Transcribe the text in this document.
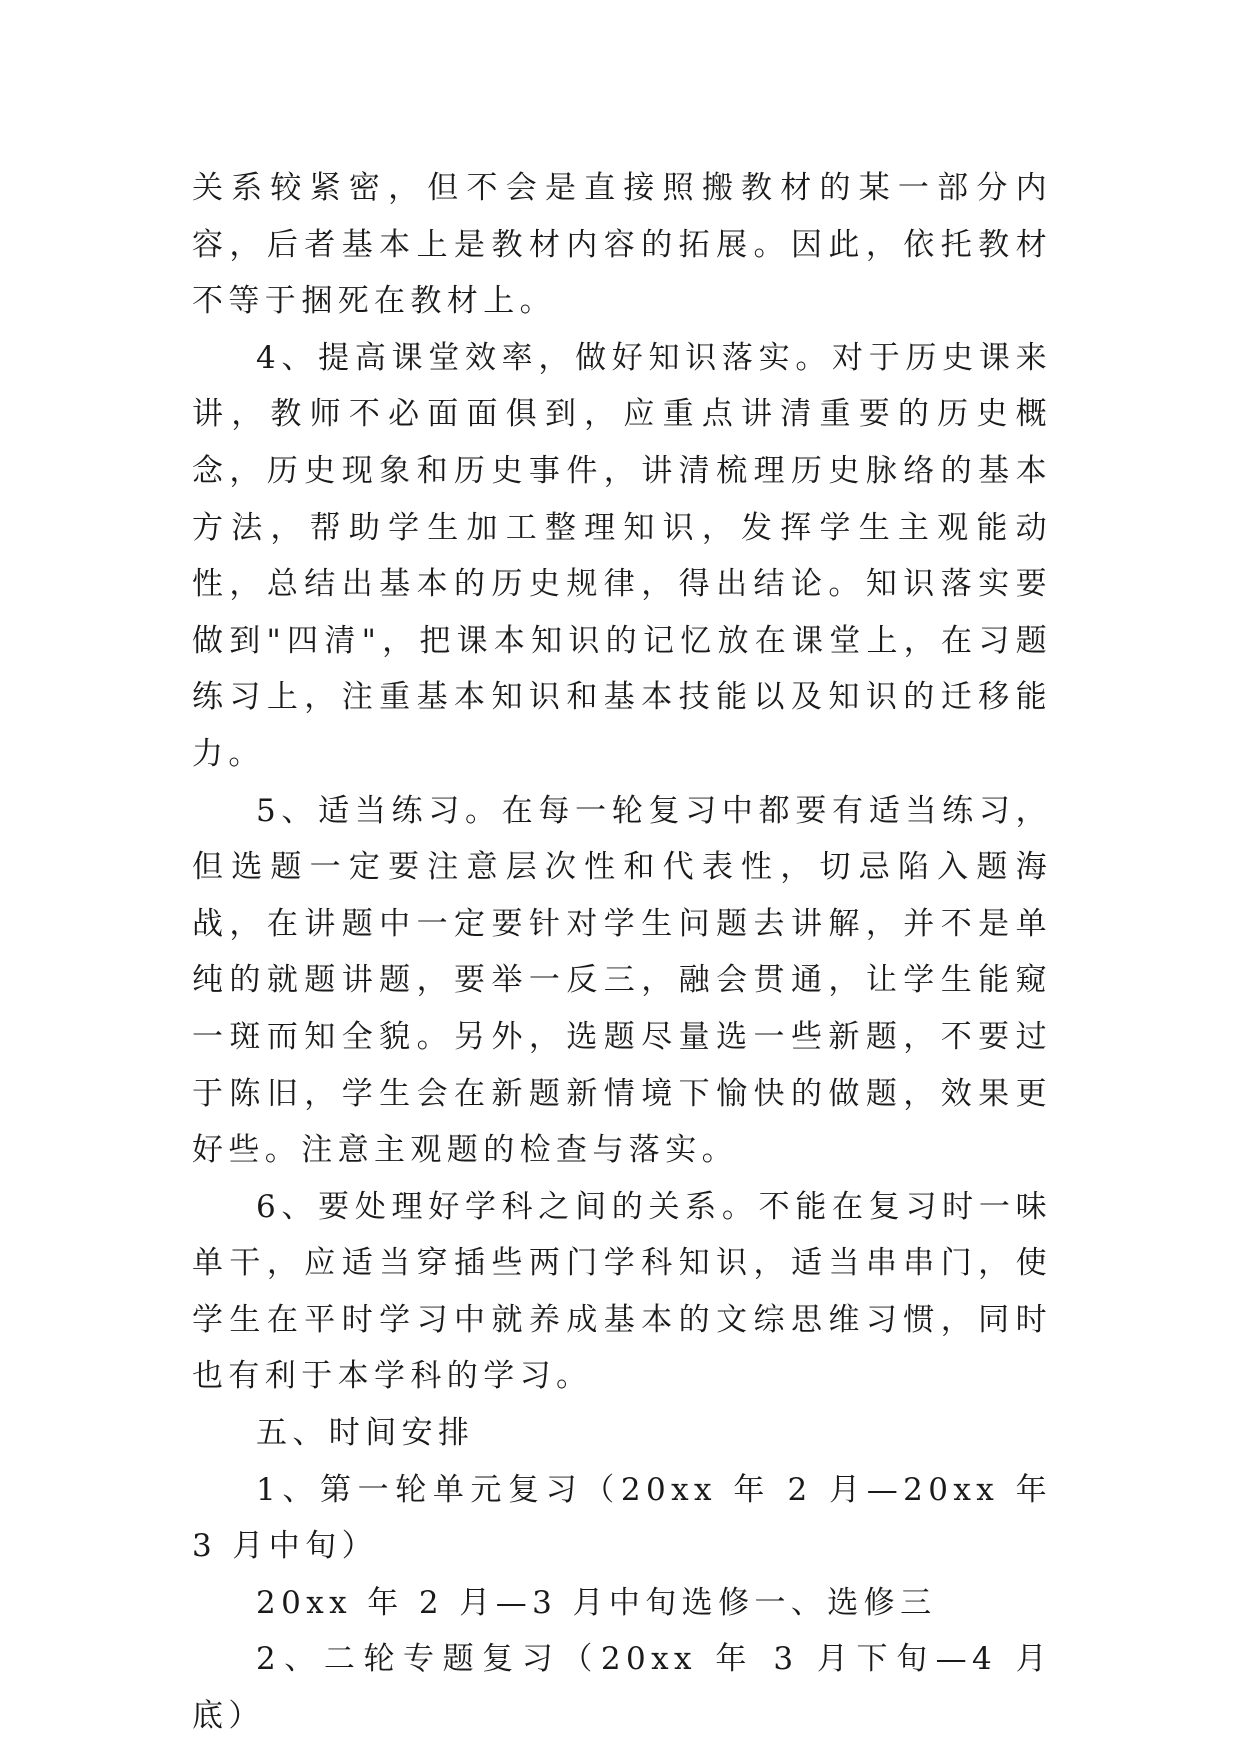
关系较紧密，但不会是直接照搬教材的某一部分内容，后者基本上是教材内容的拓展。因此，依托教材不等于捆死在教材上。

4、提高课堂效率，做好知识落实。对于历史课来讲，教师不必面面俱到，应重点讲清重要的历史概念，历史现象和历史事件，讲清梳理历史脉络的基本方法，帮助学生加工整理知识，发挥学生主观能动性，总结出基本的历史规律，得出结论。知识落实要做到"四清"，把课本知识的记忆放在课堂上，在习题练习上，注重基本知识和基本技能以及知识的迁移能力。

5、适当练习。在每一轮复习中都要有适当练习，但选题一定要注意层次性和代表性，切忌陷入题海战，在讲题中一定要针对学生问题去讲解，并不是单纯的就题讲题，要举一反三，融会贯通，让学生能窥一斑而知全貌。另外，选题尽量选一些新题，不要过于陈旧，学生会在新题新情境下愉快的做题，效果更好些。注意主观题的检查与落实。

6、要处理好学科之间的关系。不能在复习时一味单干，应适当穿插些两门学科知识，适当串串门，使学生在平时学习中就养成基本的文综思维习惯，同时也有利于本学科的学习。

五、时间安排

1、第一轮单元复习（20xx 年 2 月—20xx 年 3 月中旬）

20xx 年 2 月—3 月中旬选修一、选修三

2、二轮专题复习（20xx 年 3 月下旬—4 月底）
